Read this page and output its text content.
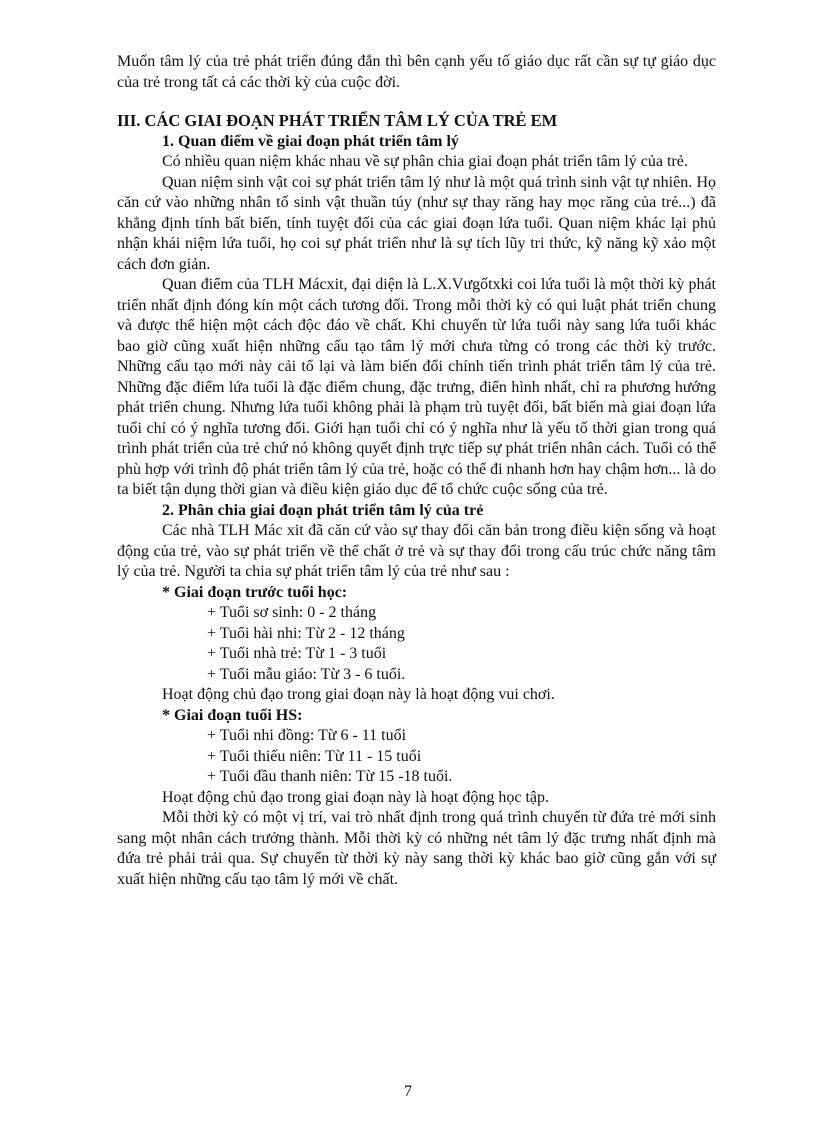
Muốn tâm lý của trẻ phát triển đúng đắn thì bên cạnh yếu tố giáo dục rất cần sự tự giáo dục của trẻ trong tất cả các thời kỳ của cuộc đời.

III. CÁC GIAI ĐOẠN PHÁT TRIỂN TÂM LÝ CỦA TRẺ EM

1. Quan điểm về giai đoạn phát triển tâm lý

Có nhiều quan niệm khác nhau về sự phân chia giai đoạn phát triển tâm lý của trẻ.

Quan niệm sinh vật coi sự phát triển tâm lý như là một quá trình sinh vật tự nhiên. Họ căn cứ vào những nhân tố sinh vật thuần túy (như sự thay răng hay mọc răng của trẻ...) đã khẳng định tính bất biến, tính tuyệt đối của các giai đoạn lứa tuổi. Quan niệm khác lại phủ nhận khái niệm lứa tuổi, họ coi sự phát triển như là sự tích lũy tri thức, kỹ năng kỹ xảo một cách đơn giản.

Quan điểm của TLH Mácxit, đại diện là L.X.Vưgốtxki coi lứa tuổi là một thời kỳ phát triển nhất định đóng kín một cách tương đối. Trong mỗi thời kỳ có qui luật phát triển chung và được thể hiện một cách độc đáo về chất. Khi chuyển từ lứa tuổi này sang lứa tuổi khác bao giờ cũng xuất hiện những cấu tạo tâm lý mới chưa từng có trong các thời kỳ trước. Những cấu tạo mới này cải tổ lại và làm biến đổi chính tiến trình phát triển tâm lý của trẻ. Những đặc điểm lứa tuổi là đặc điểm chung, đặc trưng, điển hình nhất, chỉ ra phương hướng phát triển chung. Nhưng lứa tuổi không phải là phạm trù tuyệt đối, bất biến mà giai đoạn lứa tuổi chỉ có ý nghĩa tương đối. Giới hạn tuổi chỉ có ý nghĩa như là yếu tố thời gian trong quá trình phát triển của trẻ chứ nó không quyết định trực tiếp sự phát triển nhân cách. Tuổi có thể phù hợp với trình độ phát triển tâm lý của trẻ, hoặc có thể đi nhanh hơn hay chậm hơn... là do ta biết tận dụng thời gian và điều kiện giáo dục để tổ chức cuộc sống của trẻ.

2. Phân chia giai đoạn phát triển tâm lý của trẻ

Các nhà TLH Mác xit đã căn cứ vào sự thay đổi căn bản trong điều kiện sống và hoạt động của trẻ, vào sự phát triển về thể chất ở trẻ và sự thay đổi trong cấu trúc chức năng tâm lý của trẻ. Người ta chia sự phát triển tâm lý của trẻ như sau :

* Giai đoạn trước tuổi học:

+ Tuổi sơ sinh: 0 - 2 tháng

+ Tuổi hài nhi: Từ 2 - 12 tháng

+ Tuổi nhà trẻ: Từ 1 - 3 tuổi

+ Tuổi mẫu giáo: Từ 3 - 6 tuổi.

Hoạt động chủ đạo trong giai đoạn này là hoạt động vui chơi.

* Giai đoạn tuổi HS:

+ Tuổi nhi đồng: Từ 6 - 11 tuổi

+ Tuổi thiếu niên: Từ 11 - 15 tuổi

+ Tuổi đầu thanh niên: Từ 15 -18 tuổi.

Hoạt động chủ đạo trong giai đoạn này là hoạt động học tập.

Mỗi thời kỳ có một vị trí, vai trò nhất định trong quá trình chuyển từ đứa trẻ mới sinh sang một nhân cách trưởng thành. Mỗi thời kỳ có những nét tâm lý đặc trưng nhất định mà đứa trẻ phải trải qua. Sự chuyển từ thời kỳ này sang thời kỳ khác bao giờ cũng gắn với sự xuất hiện những cấu tạo tâm lý mới về chất.

7
